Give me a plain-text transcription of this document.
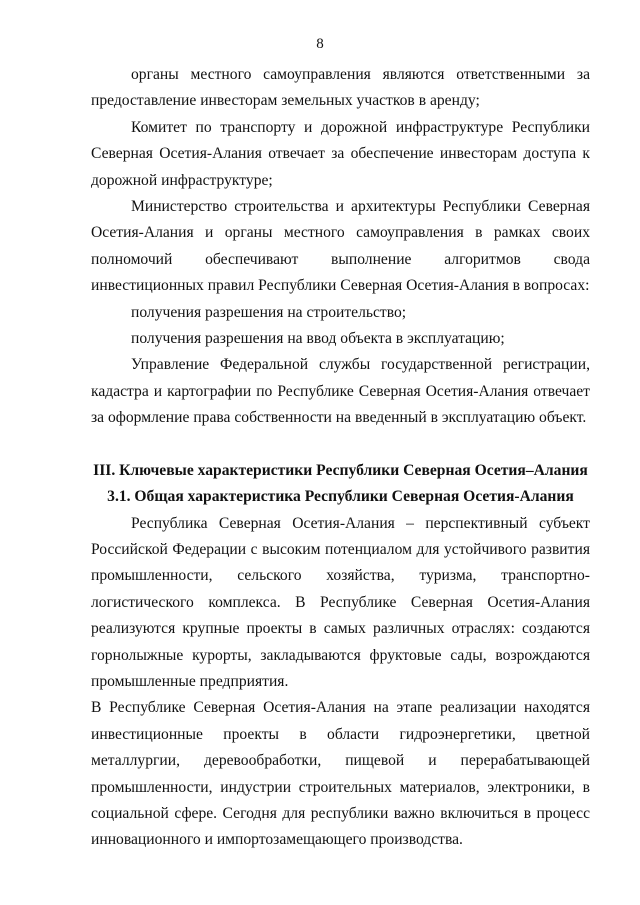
8

органы местного самоуправления являются ответственными за предоставление инвесторам земельных участков в аренду;

Комитет по транспорту и дорожной инфраструктуре Республики Северная Осетия-Алания отвечает за обеспечение инвесторам доступа к дорожной инфраструктуре;

Министерство строительства и архитектуры Республики Северная Осетия-Алания и органы местного самоуправления в рамках своих полномочий обеспечивают выполнение алгоритмов свода инвестиционных правил Республики Северная Осетия-Алания в вопросах:

получения разрешения на строительство;

получения разрешения на ввод объекта в эксплуатацию;

Управление Федеральной службы государственной регистрации, кадастра и картографии по Республике Северная Осетия-Алания отвечает за оформление права собственности на введенный в эксплуатацию объект.

III. Ключевые характеристики Республики Северная Осетия–Алания

3.1. Общая характеристика Республики Северная Осетия-Алания

Республика Северная Осетия-Алания – перспективный субъект Российской Федерации с высоким потенциалом для устойчивого развития промышленности, сельского хозяйства, туризма, транспортно-логистического комплекса. В Республике Северная Осетия-Алания реализуются крупные проекты в самых различных отраслях: создаются горнолыжные курорты, закладываются фруктовые сады, возрождаются промышленные предприятия.

В Республике Северная Осетия-Алания на этапе реализации находятся инвестиционные проекты в области гидроэнергетики, цветной металлургии, деревообработки, пищевой и перерабатывающей промышленности, индустрии строительных материалов, электроники, в социальной сфере. Сегодня для республики важно включиться в процесс инновационного и импортозамещающего производства.
